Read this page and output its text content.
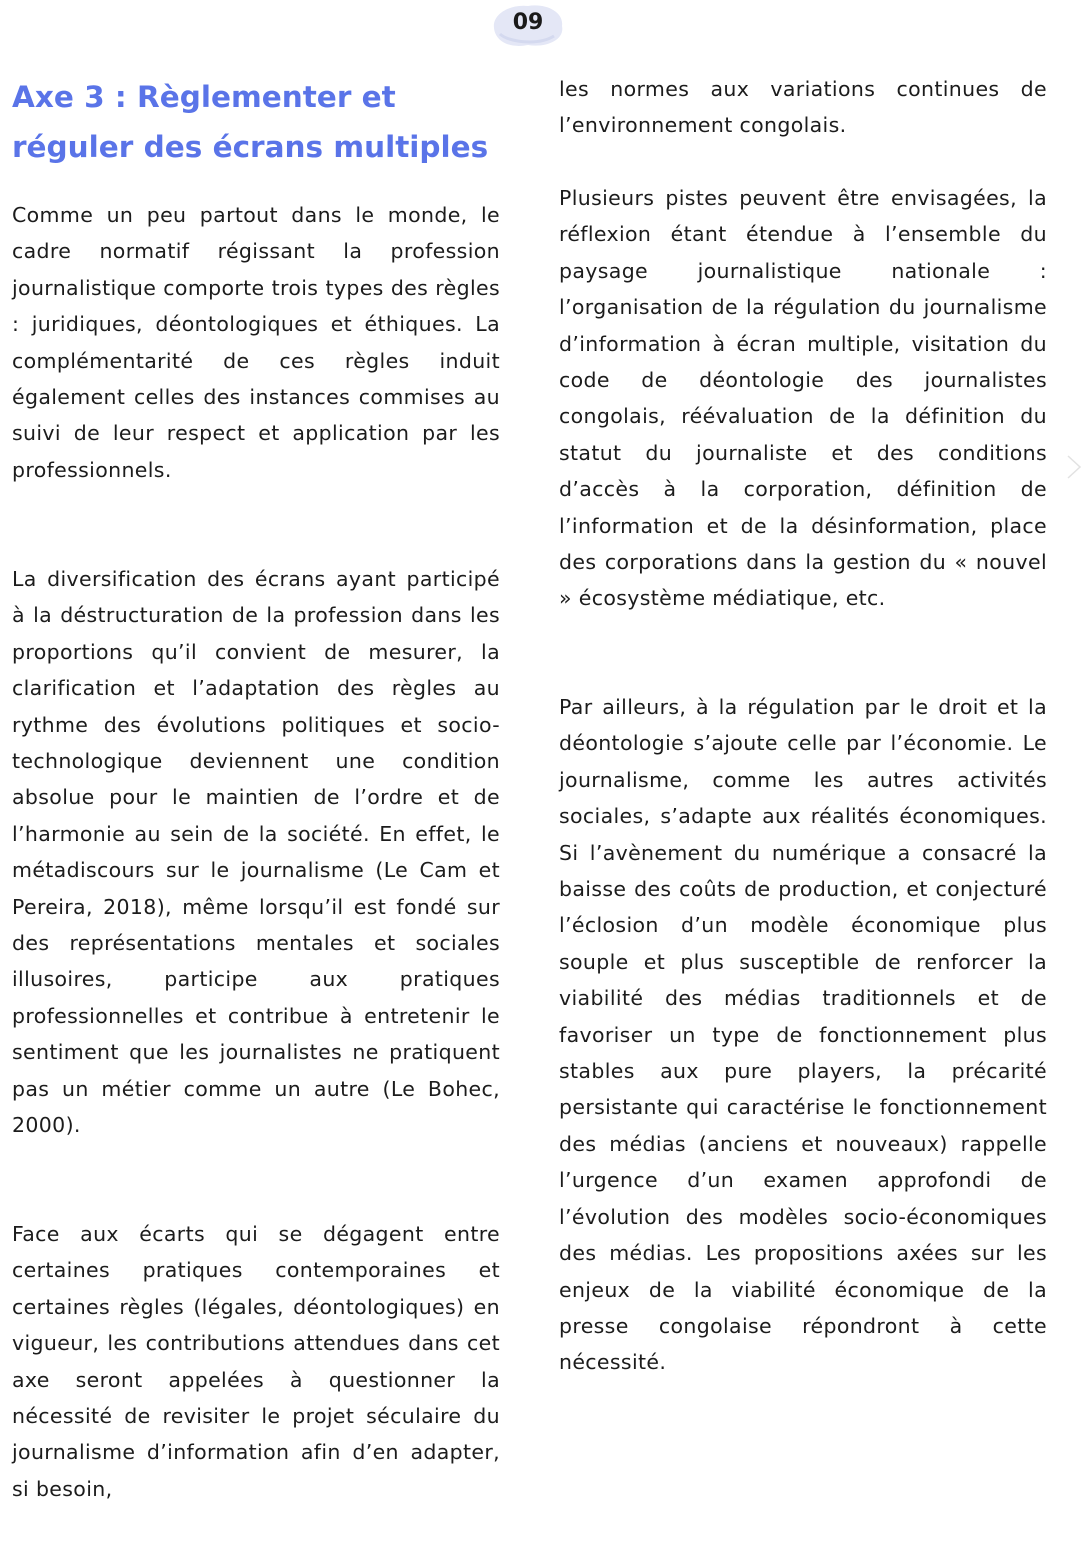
09
Axe 3 : Règlementer et réguler des écrans multiples

Comme un peu partout dans le monde, le cadre normatif régissant la profession journalistique comporte trois types des règles : juridiques, déontologiques et éthiques. La complémentarité de ces règles induit également celles des instances commises au suivi de leur respect et application par les professionnels.

La diversification des écrans ayant participé à la déstructuration de la profession dans les proportions qu’il convient de mesurer, la clarification et l’adaptation des règles au rythme des évolutions politiques et socio-technologique deviennent une condition absolue pour le maintien de l’ordre et de l’harmonie au sein de la société. En effet, le métadiscours sur le journalisme (Le Cam et Pereira, 2018), même lorsqu’il est fondé sur des représentations mentales et sociales illusoires, participe aux pratiques professionnelles et contribue à entretenir le sentiment que les journalistes ne pratiquent pas un métier comme un autre (Le Bohec, 2000).

Face aux écarts qui se dégagent entre certaines pratiques contemporaines et certaines règles (légales, déontologiques) en vigueur, les contributions attendues dans cet axe seront appelées à questionner la nécessité de revisiter le projet séculaire du journalisme d’information afin d’en adapter, si besoin,

les normes aux variations continues de l’environnement congolais.

Plusieurs pistes peuvent être envisagées, la réflexion étant étendue à l’ensemble du paysage journalistique nationale : l’organisation de la régulation du journalisme d’information à écran multiple, visitation du code de déontologie des journalistes congolais, réévaluation de la définition du statut du journaliste et des conditions d’accès à la corporation, définition de l’information et de la désinformation, place des corporations dans la gestion du « nouvel » écosystème médiatique, etc.

Par ailleurs, à la régulation par le droit et la déontologie s’ajoute celle par l’économie. Le journalisme, comme les autres activités sociales, s’adapte aux réalités économiques. Si l’avènement du numérique a consacré la baisse des coûts de production, et conjecturé l’éclosion d’un modèle économique plus souple et plus susceptible de renforcer la viabilité des médias traditionnels et de favoriser un type de fonctionnement plus stables aux pure players, la précarité persistante qui caractérise le fonctionnement des médias (anciens et nouveaux) rappelle l’urgence d’un examen approfondi de l’évolution des modèles socio-économiques des médias. Les propositions axées sur les enjeux de la viabilité économique de la presse congolaise répondront à cette nécessité.
